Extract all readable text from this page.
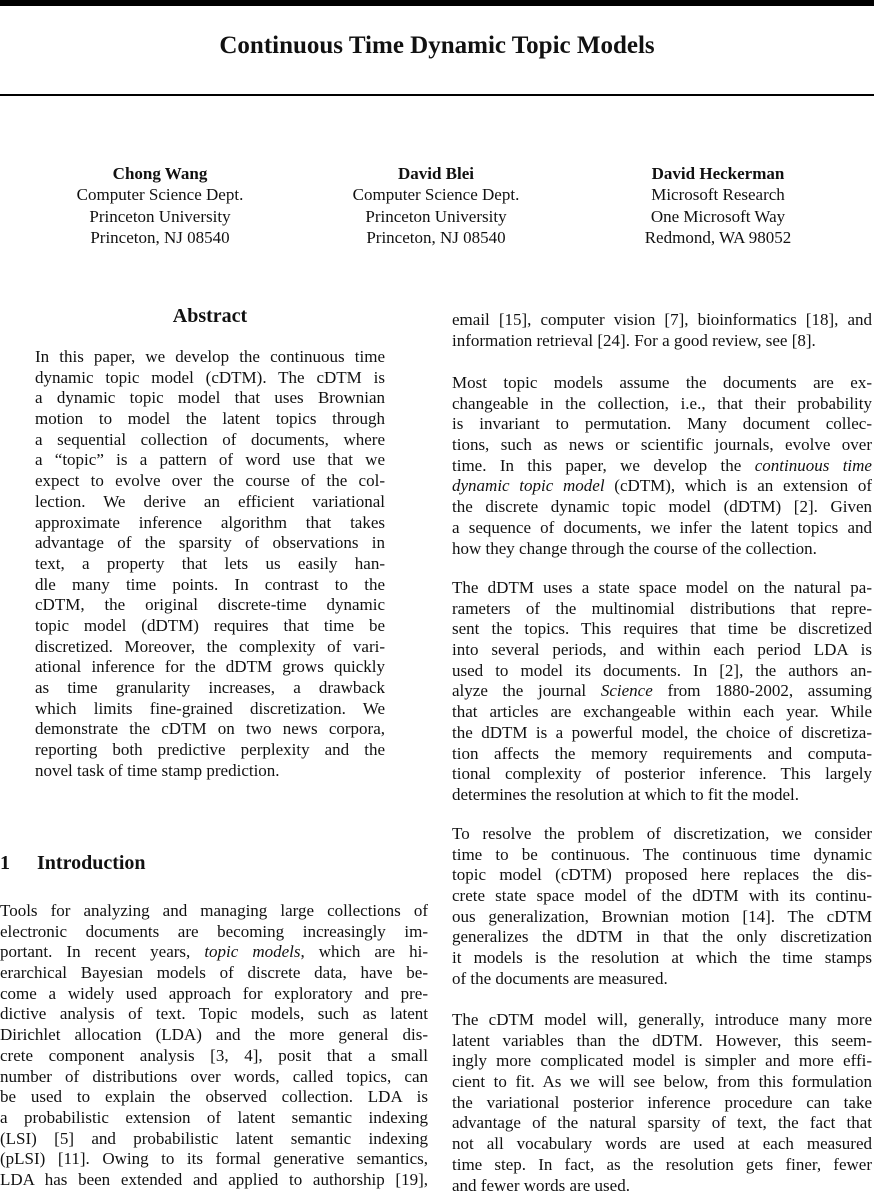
Continuous Time Dynamic Topic Models
Chong Wang
Computer Science Dept.
Princeton University
Princeton, NJ 08540
David Blei
Computer Science Dept.
Princeton University
Princeton, NJ 08540
David Heckerman
Microsoft Research
One Microsoft Way
Redmond, WA 98052
Abstract
In this paper, we develop the continuous time
dynamic topic model (cDTM). The cDTM is
a dynamic topic model that uses Brownian
motion to model the latent topics through
a sequential collection of documents, where
a “topic” is a pattern of word use that we
expect to evolve over the course of the col-
lection. We derive an efficient variational
approximate inference algorithm that takes
advantage of the sparsity of observations in
text, a property that lets us easily han-
dle many time points. In contrast to the
cDTM, the original discrete-time dynamic
topic model (dDTM) requires that time be
discretized. Moreover, the complexity of vari-
ational inference for the dDTM grows quickly
as time granularity increases, a drawback
which limits fine-grained discretization. We
demonstrate the cDTM on two news corpora,
reporting both predictive perplexity and the
novel task of time stamp prediction.
1 Introduction
Tools for analyzing and managing large collections of
electronic documents are becoming increasingly im-
portant. In recent years, topic models, which are hi-
erarchical Bayesian models of discrete data, have be-
come a widely used approach for exploratory and pre-
dictive analysis of text. Topic models, such as latent
Dirichlet allocation (LDA) and the more general dis-
crete component analysis [3, 4], posit that a small
number of distributions over words, called topics, can
be used to explain the observed collection. LDA is
a probabilistic extension of latent semantic indexing
(LSI) [5] and probabilistic latent semantic indexing
(pLSI) [11]. Owing to its formal generative semantics,
LDA has been extended and applied to authorship [19],
email [15], computer vision [7], bioinformatics [18], and
information retrieval [24]. For a good review, see [8].
Most topic models assume the documents are ex-
changeable in the collection, i.e., that their probability
is invariant to permutation. Many document collec-
tions, such as news or scientific journals, evolve over
time. In this paper, we develop the continuous time
dynamic topic model (cDTM), which is an extension of
the discrete dynamic topic model (dDTM) [2]. Given
a sequence of documents, we infer the latent topics and
how they change through the course of the collection.
The dDTM uses a state space model on the natural pa-
rameters of the multinomial distributions that repre-
sent the topics. This requires that time be discretized
into several periods, and within each period LDA is
used to model its documents. In [2], the authors an-
alyze the journal Science from 1880-2002, assuming
that articles are exchangeable within each year. While
the dDTM is a powerful model, the choice of discretiza-
tion affects the memory requirements and computa-
tional complexity of posterior inference. This largely
determines the resolution at which to fit the model.
To resolve the problem of discretization, we consider
time to be continuous. The continuous time dynamic
topic model (cDTM) proposed here replaces the dis-
crete state space model of the dDTM with its continu-
ous generalization, Brownian motion [14]. The cDTM
generalizes the dDTM in that the only discretization
it models is the resolution at which the time stamps
of the documents are measured.
The cDTM model will, generally, introduce many more
latent variables than the dDTM. However, this seem-
ingly more complicated model is simpler and more effi-
cient to fit. As we will see below, from this formulation
the variational posterior inference procedure can take
advantage of the natural sparsity of text, the fact that
not all vocabulary words are used at each measured
time step. In fact, as the resolution gets finer, fewer
and fewer words are used.
